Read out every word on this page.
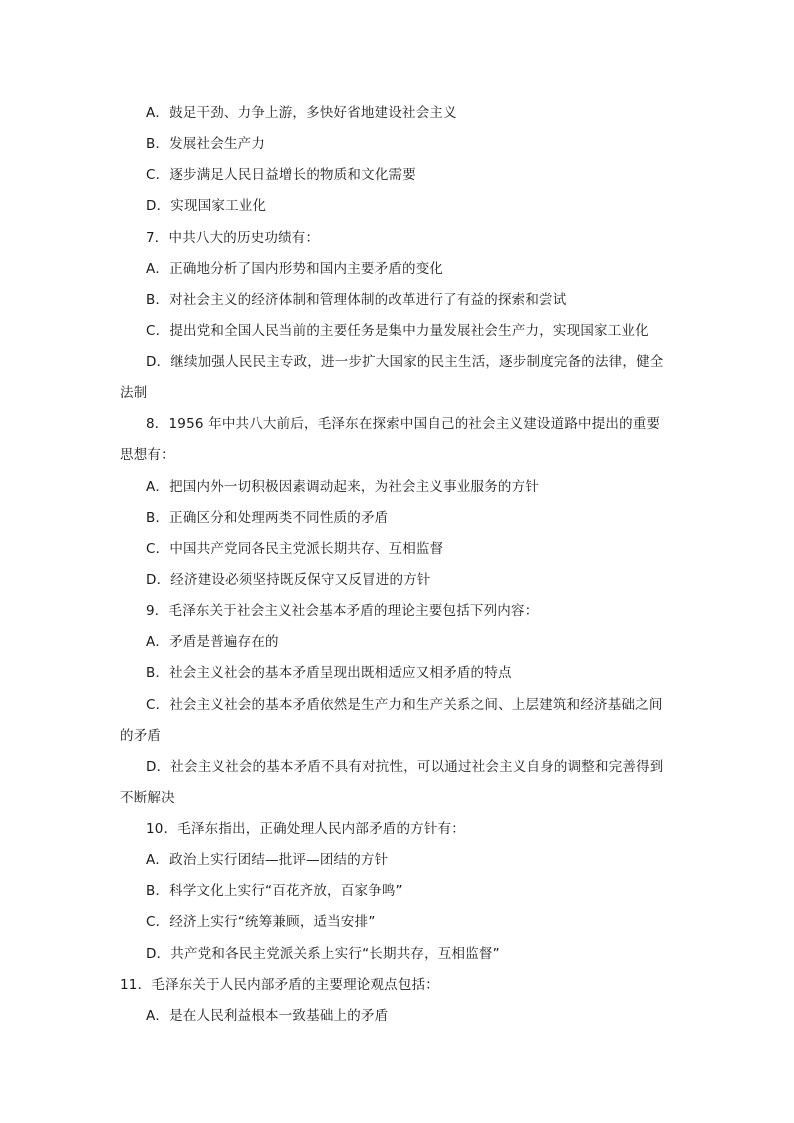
A．鼓足干劲、力争上游，多快好省地建设社会主义
B．发展社会生产力
C．逐步满足人民日益增长的物质和文化需要
D．实现国家工业化
7．中共八大的历史功绩有：
A．正确地分析了国内形势和国内主要矛盾的变化
B．对社会主义的经济体制和管理体制的改革进行了有益的探索和尝试
C．提出党和全国人民当前的主要任务是集中力量发展社会生产力，实现国家工业化
D．继续加强人民民主专政，进一步扩大国家的民主生活，逐步制度完备的法律，健全
法制
8．1956 年中共八大前后，毛泽东在探索中国自己的社会主义建设道路中提出的重要
思想有：
A．把国内外一切积极因素调动起来，为社会主义事业服务的方针
B．正确区分和处理两类不同性质的矛盾
C．中国共产党同各民主党派长期共存、互相监督
D．经济建设必须坚持既反保守又反冒进的方针
9．毛泽东关于社会主义社会基本矛盾的理论主要包括下列内容：
A．矛盾是普遍存在的
B．社会主义社会的基本矛盾呈现出既相适应又相矛盾的特点
C．社会主义社会的基本矛盾依然是生产力和生产关系之间、上层建筑和经济基础之间
的矛盾
D．社会主义社会的基本矛盾不具有对抗性，可以通过社会主义自身的调整和完善得到
不断解决
10．毛泽东指出，正确处理人民内部矛盾的方针有：
A．政治上实行团结—批评—团结的方针
B．科学文化上实行“百花齐放，百家争鸣”
C．经济上实行“统筹兼顾，适当安排”
D．共产党和各民主党派关系上实行“长期共存，互相监督”
11．毛泽东关于人民内部矛盾的主要理论观点包括：
A．是在人民利益根本一致基础上的矛盾
